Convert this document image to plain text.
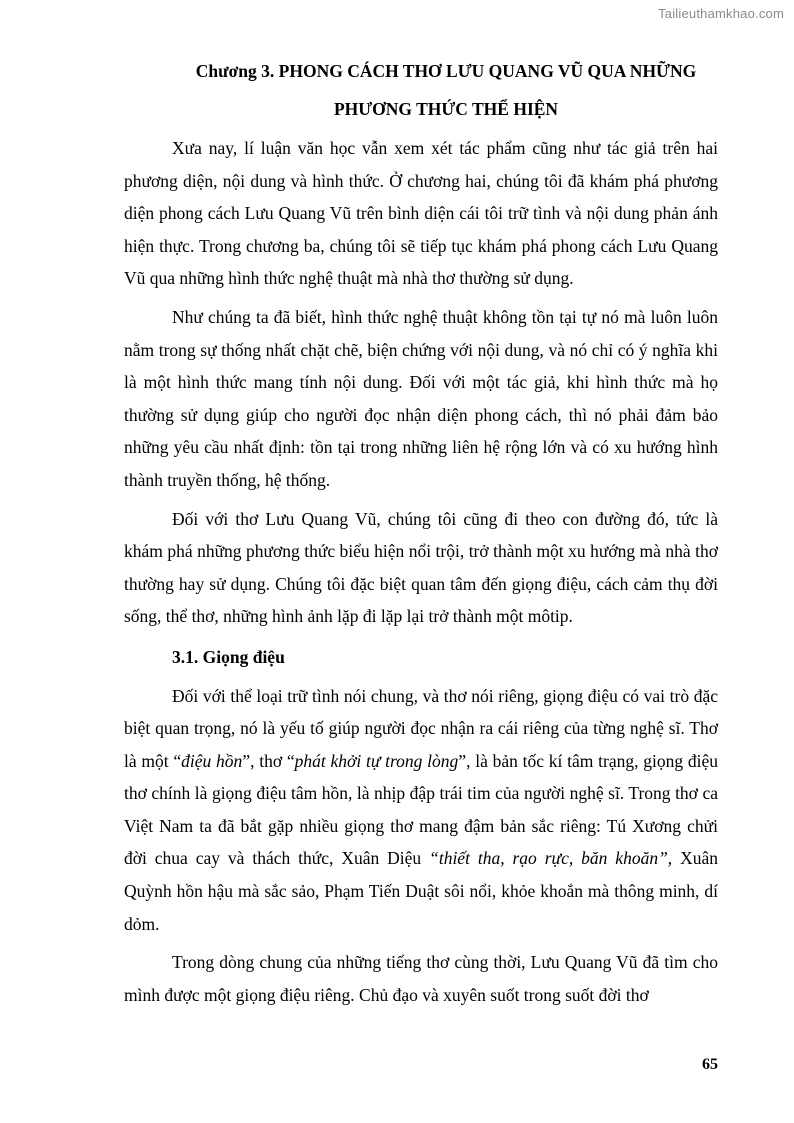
Tailieuthamkhao.com
Chương 3. PHONG CÁCH THƠ LƯU QUANG VŨ QUA NHỮNG
PHƯƠNG THỨC THỂ HIỆN

Xưa nay, lí luận văn học vẫn xem xét tác phẩm cũng như tác giả trên hai phương diện, nội dung và hình thức. Ở chương hai, chúng tôi đã khám phá phương diện phong cách Lưu Quang Vũ trên bình diện cái tôi trữ tình và nội dung phản ánh hiện thực. Trong chương ba, chúng tôi sẽ tiếp tục khám phá phong cách Lưu Quang Vũ qua những hình thức nghệ thuật mà nhà thơ thường sử dụng.

Như chúng ta đã biết, hình thức nghệ thuật không tồn tại tự nó mà luôn luôn nằm trong sự thống nhất chặt chẽ, biện chứng với nội dung, và nó chỉ có ý nghĩa khi là một hình thức mang tính nội dung. Đối với một tác giả, khi hình thức mà họ thường sử dụng giúp cho người đọc nhận diện phong cách, thì nó phải đảm bảo những yêu cầu nhất định: tồn tại trong những liên hệ rộng lớn và có xu hướng hình thành truyền thống, hệ thống.

Đối với thơ Lưu Quang Vũ, chúng tôi cũng đi theo con đường đó, tức là khám phá những phương thức biểu hiện nổi trội, trở thành một xu hướng mà nhà thơ thường hay sử dụng. Chúng tôi đặc biệt quan tâm đến giọng điệu, cách cảm thụ đời sống, thể thơ, những hình ảnh lặp đi lặp lại trở thành một môtip.

3.1. Giọng điệu

Đối với thể loại trữ tình nói chung, và thơ nói riêng, giọng điệu có vai trò đặc biệt quan trọng, nó là yếu tố giúp người đọc nhận ra cái riêng của từng nghệ sĩ. Thơ là một “điệu hồn”, thơ “phát khởi tự trong lòng”, là bản tốc kí tâm trạng, giọng điệu thơ chính là giọng điệu tâm hồn, là nhịp đập trái tim của người nghệ sĩ. Trong thơ ca Việt Nam ta đã bắt gặp nhiều giọng thơ mang đậm bản sắc riêng: Tú Xương chửi đời chua cay và thách thức, Xuân Diệu “thiết tha, rạo rực, băn khoăn”, Xuân Quỳnh hồn hậu mà sắc sảo, Phạm Tiến Duật sôi nổi, khỏe khoắn mà thông minh, dí dỏm.

Trong dòng chung của những tiếng thơ cùng thời, Lưu Quang Vũ đã tìm cho mình được một giọng điệu riêng. Chủ đạo và xuyên suốt trong suốt đời thơ

65
